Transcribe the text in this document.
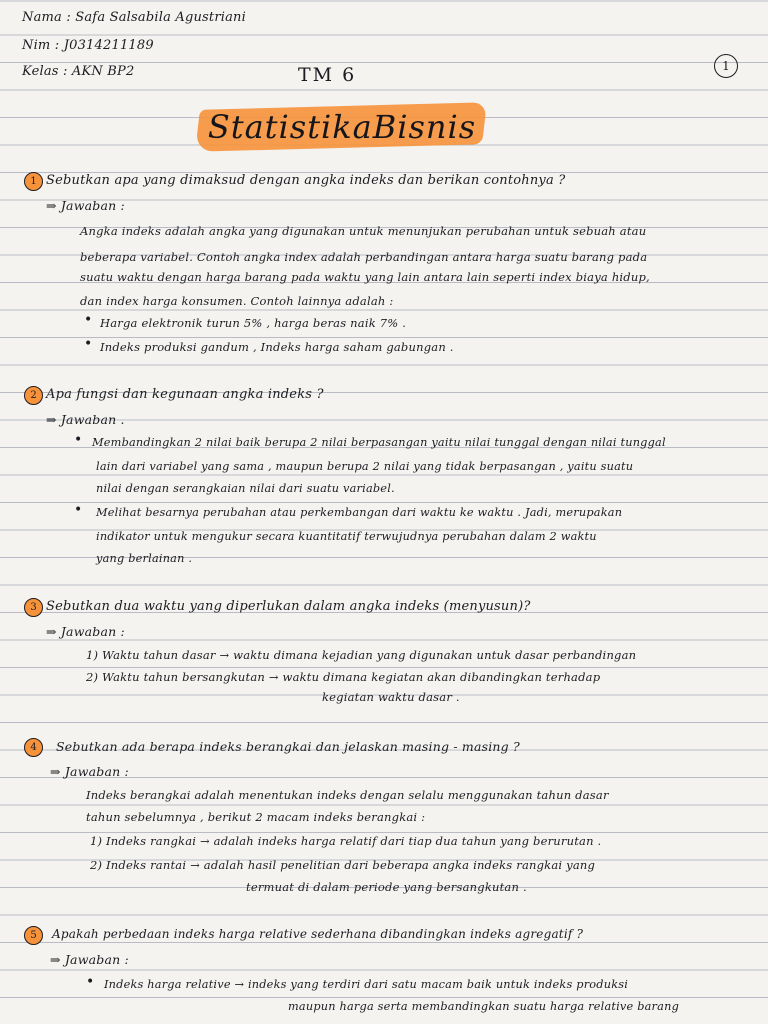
Nama : Safa Salsabila Agustriani
Nim : J0314211189
Kelas : AKN BP2	TM 6	1
StatistikaBisnis
1 Sebutkan apa yang dimaksud dengan angka indeks dan berikan contohnya ?
⇒ Jawaban :
Angka indeks adalah angka yang digunakan untuk menunjukan perubahan untuk sebuah atau
beberapa variabel. Contoh angka index adalah perbandingan antara harga suatu barang pada
suatu waktu dengan harga barang pada waktu yang lain antara lain seperti index biaya hidup,
dan index harga konsumen. Contoh lainnya adalah :
• Harga elektronik turun 5% , harga beras naik 7% .
• Indeks produksi gandum , Indeks harga saham gabungan .
2 Apa fungsi dan kegunaan angka indeks ?
⇒ Jawaban .
• Membandingkan 2 nilai baik berupa 2 nilai berpasangan yaitu nilai tunggal dengan nilai tunggal
lain dari variabel yang sama , maupun berupa 2 nilai yang tidak berpasangan , yaitu suatu
nilai dengan serangkaian nilai dari suatu variabel.
• Melihat besarnya perubahan atau perkembangan dari waktu ke waktu . Jadi, merupakan
indikator untuk mengukur secara kuantitatif terwujudnya perubahan dalam 2 waktu
yang berlainan .
3 Sebutkan dua waktu yang diperlukan dalam angka indeks (menyusun)?
⇒ Jawaban :
1) Waktu tahun dasar → waktu dimana kejadian yang digunakan untuk dasar perbandingan
2) Waktu tahun bersangkutan → waktu dimana kegiatan akan dibandingkan terhadap
kegiatan waktu dasar .
4	Sebutkan ada berapa indeks berangkai dan jelaskan masing - masing ?
⇒ Jawaban :
Indeks berangkai adalah menentukan indeks dengan selalu menggunakan tahun dasar
tahun sebelumnya , berikut 2 macam indeks berangkai :
1) Indeks rangkai → adalah indeks harga relatif dari tiap dua tahun yang berurutan .
2) Indeks rantai → adalah hasil penelitian dari beberapa angka indeks rangkai yang
termuat di dalam periode yang bersangkutan .
5	Apakah perbedaan indeks harga relative sederhana dibandingkan indeks agregatif ?
⇒ Jawaban :
• Indeks harga relative → indeks yang terdiri dari satu macam baik untuk indeks produksi
maupun harga serta membandingkan suatu harga relative barang
